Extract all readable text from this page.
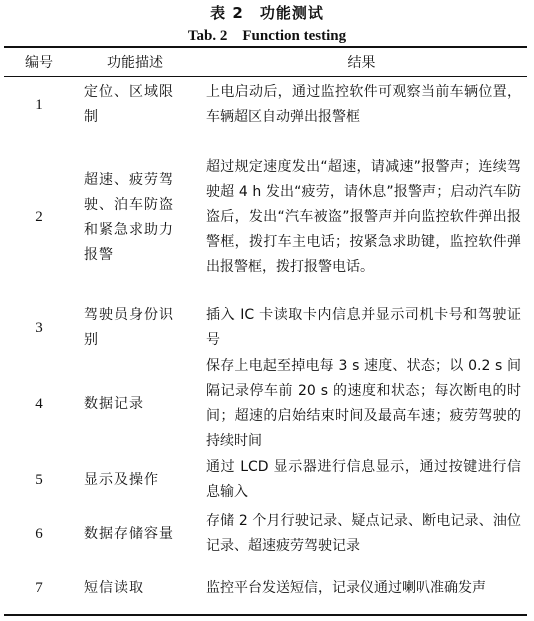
表 2　功能测试
Tab. 2　Function testing
编号	功能描述	结果
1	定位、区域限制	上电启动后，通过监控软件可观察当前车辆位置，车辆超区自动弹出报警框
2	超速、疲劳驾驶、泊车防盗和紧急求助力报警	超过规定速度发出“超速，请减速”报警声；连续驾驶超 4 h 发出“疲劳，请休息”报警声；启动汽车防盗后，发出“汽车被盗”报警声并向监控软件弹出报警框，拨打车主电话；按紧急求助键，监控软件弹出报警框，拨打报警电话。
3	驾驶员身份识别	插入 IC 卡读取卡内信息并显示司机卡号和驾驶证号
4	数据记录	保存上电起至掉电每 3 s 速度、状态；以 0.2 s 间隔记录停车前 20 s 的速度和状态；每次断电的时间；超速的启始结束时间及最高车速；疲劳驾驶的持续时间
5	显示及操作	通过 LCD 显示器进行信息显示，通过按键进行信息输入
6	数据存储容量	存储 2 个月行驶记录、疑点记录、断电记录、油位记录、超速疲劳驾驶记录
7	短信读取	监控平台发送短信，记录仪通过喇叭准确发声
